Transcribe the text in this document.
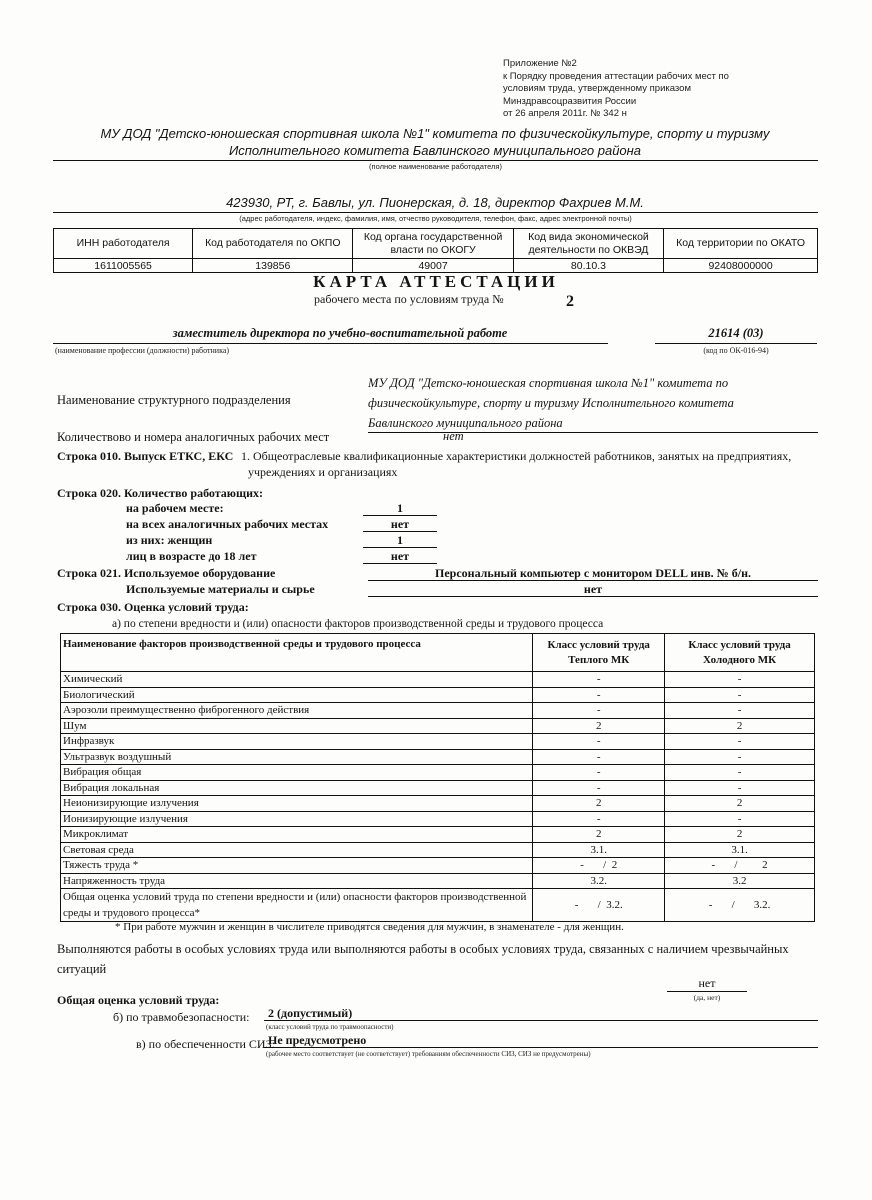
Приложение №2
к Порядку проведения аттестации рабочих мест по
условиям труда, утвержденному приказом
Минздравсоцразвития России
от 26 апреля 2011г. № 342 н
МУ ДОД "Детско-юношеская спортивная школа №1" комитета по физическойкультуре, спорту и туризму
Исполнительного комитета Бавлинского муниципального района
(полное наименование работодателя)
423930, РТ, г. Бавлы, ул. Пионерская, д. 18, директор Фахриев М.М.
(адрес работодателя, индекс, фамилия, имя, отчество руководителя, телефон, факс, адрес электронной почты)
ИНН работодателя	Код работодателя по ОКПО	Код органа государственной власти по ОКОГУ	Код вида экономической деятельности по ОКВЭД	Код территории по ОКАТО
1611005565	139856	49007	80.10.3	92408000000
КАРТА АТТЕСТАЦИИ
рабочего места по условиям труда №	2
заместитель директора по учебно-воспитательной работе
(наименование профессии (должности) работника)
21614 (03)
(код по ОК-016-94)
Наименование структурного подразделения
МУ ДОД "Детско-юношеская спортивная школа №1" комитета по
физическойкультуре, спорту и туризму Исполнительного комитета
Бавлинского муниципального района
Количествово и номера аналогичных рабочих мест	нет
Строка 010. Выпуск ЕТКС, ЕКС 1. Общеотраслевые квалификационные характеристики должностей работников, занятых на предприятиях,
учреждениях и организациях
Строка 020. Количество работающих:
на рабочем месте:	1
на всех аналогичных рабочих местах	нет
из них: женщин	1
лиц в возрасте до 18 лет	нет
Строка 021. Используемое оборудование	Персональный компьютер с монитором DELL инв. № б/н.
Используемые материалы и сырье	нет
Строка 030. Оценка условий труда:
а) по степени вредности и (или) опасности факторов производственной среды и трудового процесса
Наименование факторов производственной среды и трудового процесса	Класс условий труда Теплого МК	Класс условий труда Холодного МК
Химический	-	-
Биологический	-	-
Аэрозоли преимущественно фиброгенного действия	-	-
Шум	2	2
Инфразвук	-	-
Ультразвук воздушный	-	-
Вибрация общая	-	-
Вибрация локальная	-	-
Неионизирующие излучения	2	2
Ионизирующие излучения	-	-
Микроклимат	2	2
Световая среда	3.1.	3.1.
Тяжесть труда *	-       /  2	-       /         2
Напряженность труда	3.2.	3.2
Общая оценка условий труда по степени вредности и (или) опасности факторов производственной среды и трудового процесса*	-       /  3.2.	-       /       3.2.
* При работе мужчин и женщин в числителе приводятся сведения для мужчин, в знаменателе - для женщин.
Выполняются работы в особых условиях труда или выполняются работы в особых условиях труда, связанных с наличием чрезвычайных ситуаций
нет
(да, нет)
Общая оценка условий труда:
б) по травмобезопасности: 2 (допустимый)
(класс условий труда по травмоопасности)
в) по обеспеченности СИЗ:
Не предусмотрено
(рабочее место соответствует (не соответствует) требованиям обеспеченности СИЗ, СИЗ не предусмотрены)
